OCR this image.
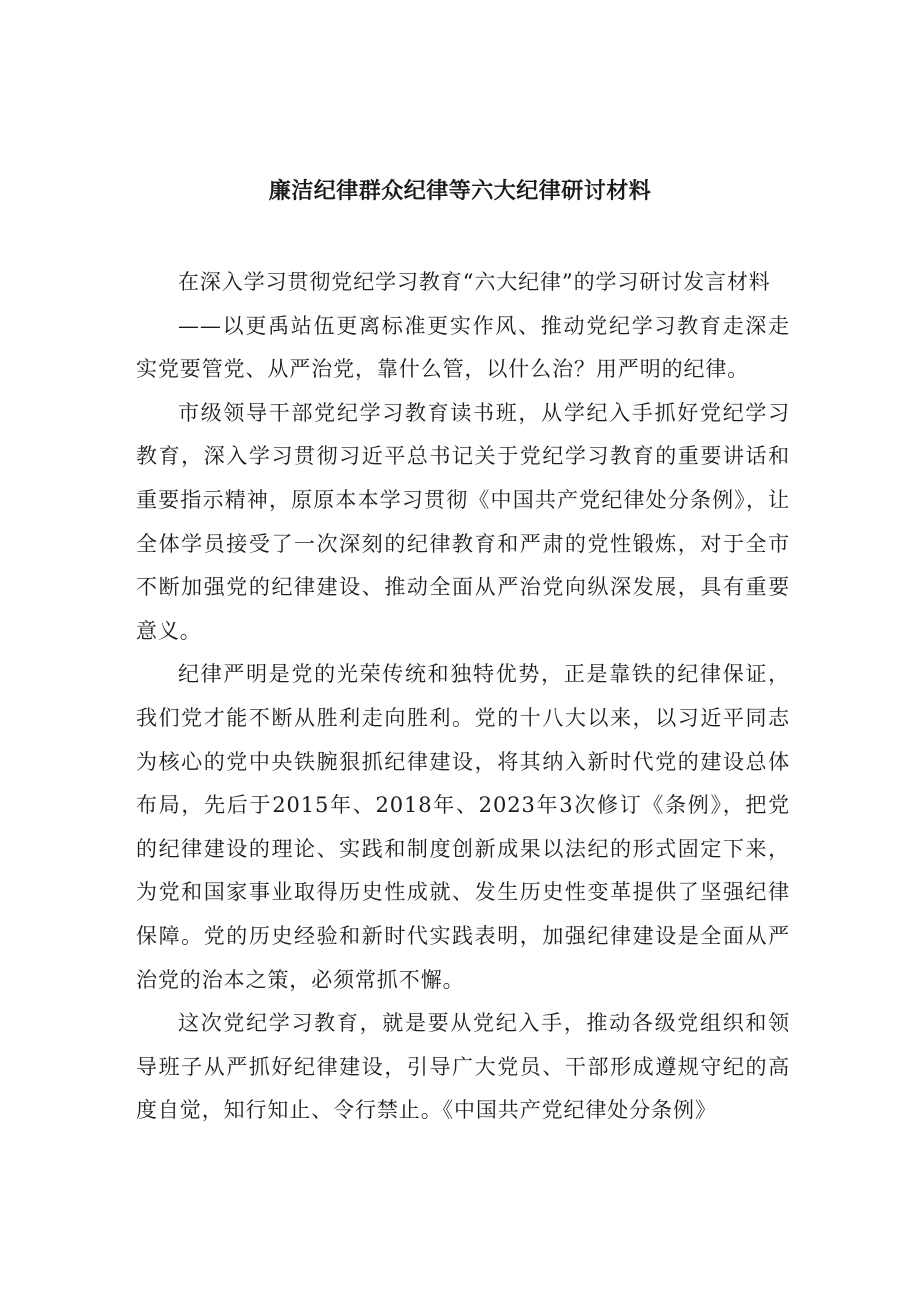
廉洁纪律群众纪律等六大纪律研讨材料

在深入学习贯彻党纪学习教育“六大纪律”的学习研讨发言材料

——以更禹站伍更离标准更实作风、推动党纪学习教育走深走实党要管党、从严治党，靠什么管，以什么治？用严明的纪律。

市级领导干部党纪学习教育读书班，从学纪入手抓好党纪学习教育，深入学习贯彻习近平总书记关于党纪学习教育的重要讲话和重要指示精神，原原本本学习贯彻《中国共产党纪律处分条例》，让全体学员接受了一次深刻的纪律教育和严肃的党性锻炼，对于全市不断加强党的纪律建设、推动全面从严治党向纵深发展，具有重要意义。

纪律严明是党的光荣传统和独特优势，正是靠铁的纪律保证，我们党才能不断从胜利走向胜利。党的十八大以来，以习近平同志为核心的党中央铁腕狠抓纪律建设，将其纳入新时代党的建设总体布局，先后于2015年、2018年、2023年3次修订《条例》，把党的纪律建设的理论、实践和制度创新成果以法纪的形式固定下来，为党和国家事业取得历史性成就、发生历史性变革提供了坚强纪律保障。党的历史经验和新时代实践表明，加强纪律建设是全面从严治党的治本之策，必须常抓不懈。

这次党纪学习教育，就是要从党纪入手，推动各级党组织和领导班子从严抓好纪律建设，引导广大党员、干部形成遵规守纪的高度自觉，知行知止、令行禁止。《中国共产党纪律处分条例》
